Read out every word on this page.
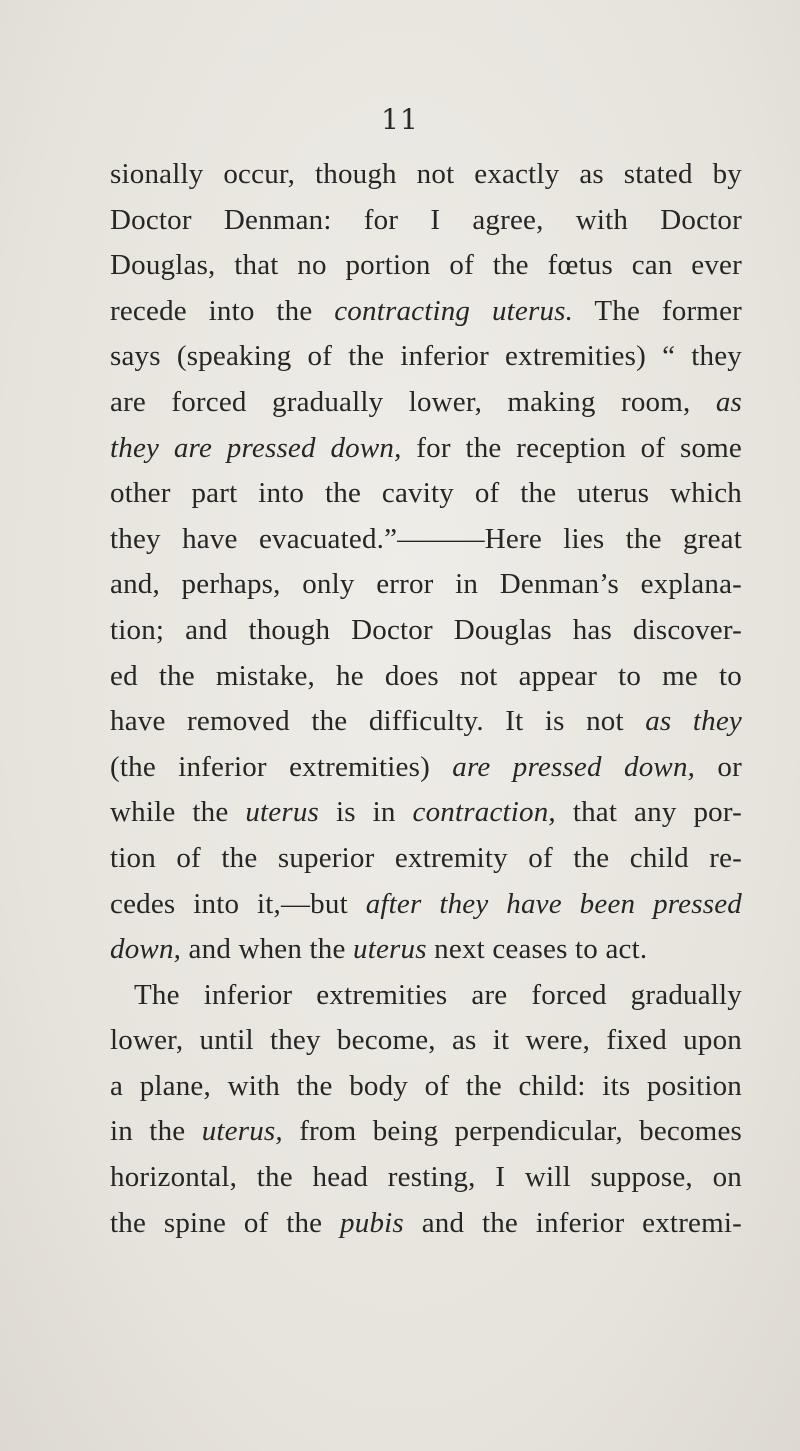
11
sionally occur, though not exactly as stated by
Doctor Denman: for I agree, with Doctor
Douglas, that no portion of the fœtus can ever
recede into the contracting uterus. The former
says (speaking of the inferior extremities) “ they
are forced gradually lower, making room, as
they are pressed down, for the reception of some
other part into the cavity of the uterus which
they have evacuated.”———Here lies the great
and, perhaps, only error in Denman’s explana-
tion; and though Doctor Douglas has discover-
ed the mistake, he does not appear to me to
have removed the difficulty. It is not as they
(the inferior extremities) are pressed down, or
while the uterus is in contraction, that any por-
tion of the superior extremity of the child re-
cedes into it,—but after they have been pressed
down, and when the uterus next ceases to act.
The inferior extremities are forced gradually
lower, until they become, as it were, fixed upon
a plane, with the body of the child: its position
in the uterus, from being perpendicular, becomes
horizontal, the head resting, I will suppose, on
the spine of the pubis and the inferior extremi-
